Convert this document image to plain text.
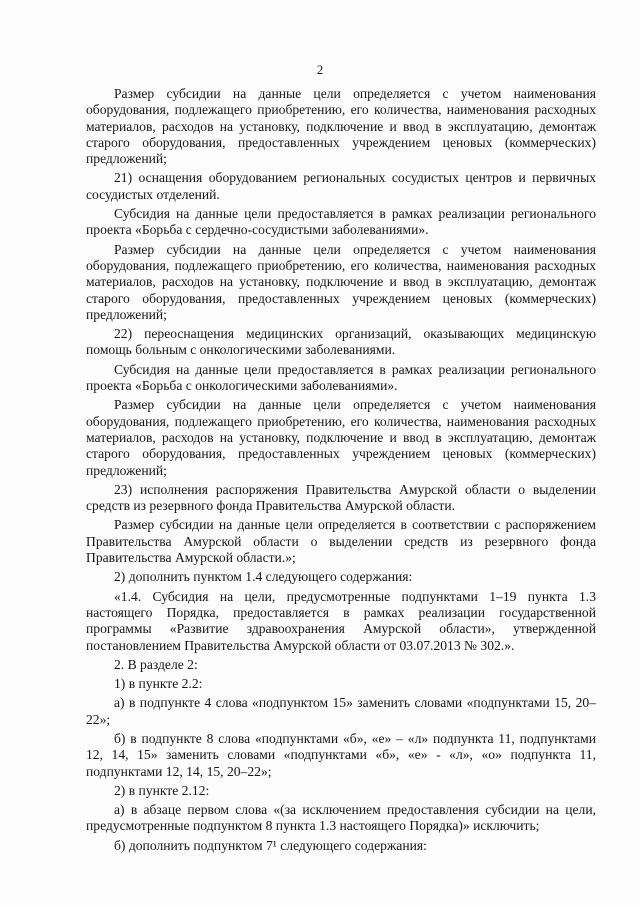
2

Размер субсидии на данные цели определяется с учетом наименования оборудования, подлежащего приобретению, его количества, наименования расходных материалов, расходов на установку, подключение и ввод в эксплуатацию, демонтаж старого оборудования, предоставленных учреждением ценовых (коммерческих) предложений;

21) оснащения оборудованием региональных сосудистых центров и первичных сосудистых отделений.

Субсидия на данные цели предоставляется в рамках реализации регионального проекта «Борьба с сердечно-сосудистыми заболеваниями».

Размер субсидии на данные цели определяется с учетом наименования оборудования, подлежащего приобретению, его количества, наименования расходных материалов, расходов на установку, подключение и ввод в эксплуатацию, демонтаж старого оборудования, предоставленных учреждением ценовых (коммерческих) предложений;

22) переоснащения медицинских организаций, оказывающих медицинскую помощь больным с онкологическими заболеваниями.

Субсидия на данные цели предоставляется в рамках реализации регионального проекта «Борьба с онкологическими заболеваниями».

Размер субсидии на данные цели определяется с учетом наименования оборудования, подлежащего приобретению, его количества, наименования расходных материалов, расходов на установку, подключение и ввод в эксплуатацию, демонтаж старого оборудования, предоставленных учреждением ценовых (коммерческих) предложений;

23) исполнения распоряжения Правительства Амурской области о выделении средств из резервного фонда Правительства Амурской области.

Размер субсидии на данные цели определяется в соответствии с распоряжением Правительства Амурской области о выделении средств из резервного фонда Правительства Амурской области.»;

2) дополнить пунктом 1.4 следующего содержания:

«1.4. Субсидия на цели, предусмотренные подпунктами 1–19 пункта 1.3 настоящего Порядка, предоставляется в рамках реализации государственной программы «Развитие здравоохранения Амурской области», утвержденной постановлением Правительства Амурской области от 03.07.2013 № 302.».

2. В разделе 2:

1) в пункте 2.2:

а) в подпункте 4 слова «подпунктом 15» заменить словами «подпунктами 15, 20–22»;

б) в подпункте 8 слова «подпунктами «б», «е» – «л» подпункта 11, подпунктами 12, 14, 15» заменить словами «подпунктами «б», «е» - «л», «о» подпункта 11, подпунктами 12, 14, 15, 20–22»;

2) в пункте 2.12:

а) в абзаце первом слова «(за исключением предоставления субсидии на цели, предусмотренные подпунктом 8 пункта 1.3 настоящего Порядка)» исключить;

б) дополнить подпунктом 7¹ следующего содержания:
